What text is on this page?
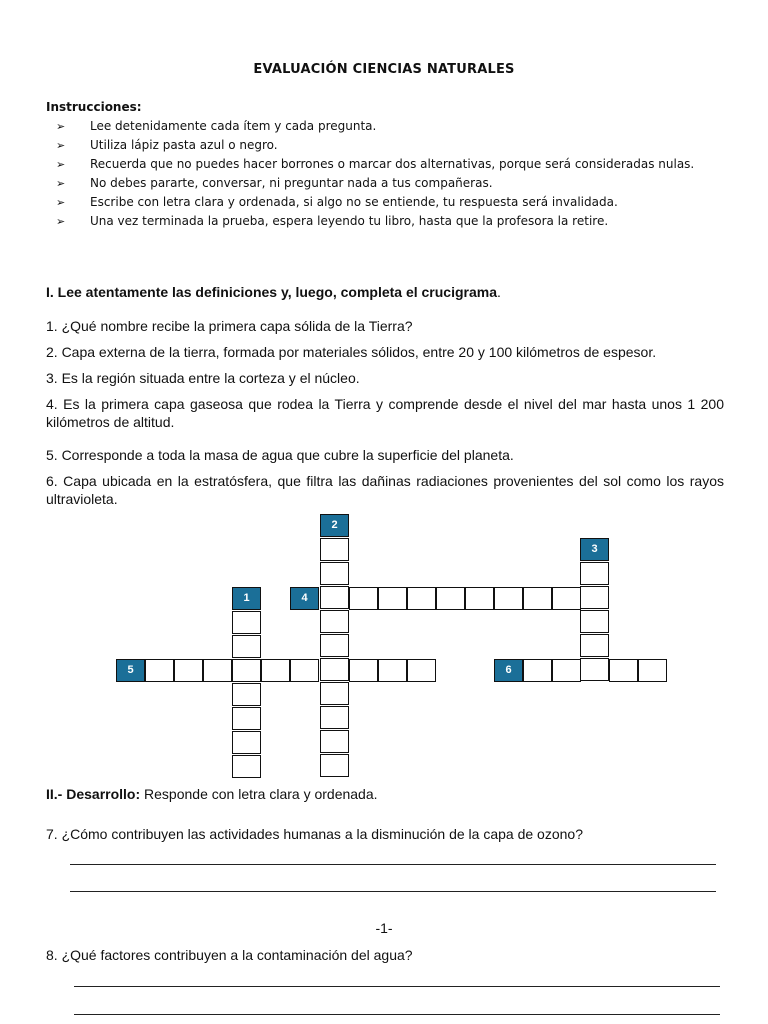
EVALUACIÓN CIENCIAS NATURALES
Instrucciones:
➢ Lee detenidamente cada ítem y cada pregunta.
➢ Utiliza lápiz pasta azul o negro.
➢ Recuerda que no puedes hacer borrones o marcar dos alternativas, porque será consideradas nulas.
➢ No debes pararte, conversar, ni preguntar nada a tus compañeras.
➢ Escribe con letra clara y ordenada, si algo no se entiende, tu respuesta será invalidada.
➢ Una vez terminada la prueba, espera leyendo tu libro, hasta que la profesora la retire.
I. Lee atentamente las definiciones y, luego, completa el crucigrama.
1. ¿Qué nombre recibe la primera capa sólida de la Tierra?
2. Capa externa de la tierra, formada por materiales sólidos, entre 20 y 100 kilómetros de espesor.
3. Es la región situada entre la corteza y el núcleo.
4. Es la primera capa gaseosa que rodea la Tierra y comprende desde el nivel del mar hasta unos 1 200 kilómetros de altitud.
5. Corresponde a toda la masa de agua que cubre la superficie del planeta.
6. Capa ubicada en la estratósfera, que filtra las dañinas radiaciones provenientes del sol como los rayos ultravioleta.
2
1
3
4
5	6
II.- Desarrollo: Responde con letra clara y ordenada.
7. ¿Cómo contribuyen las actividades humanas a la disminución de la capa de ozono?
-1-
8. ¿Qué factores contribuyen a la contaminación del agua?
